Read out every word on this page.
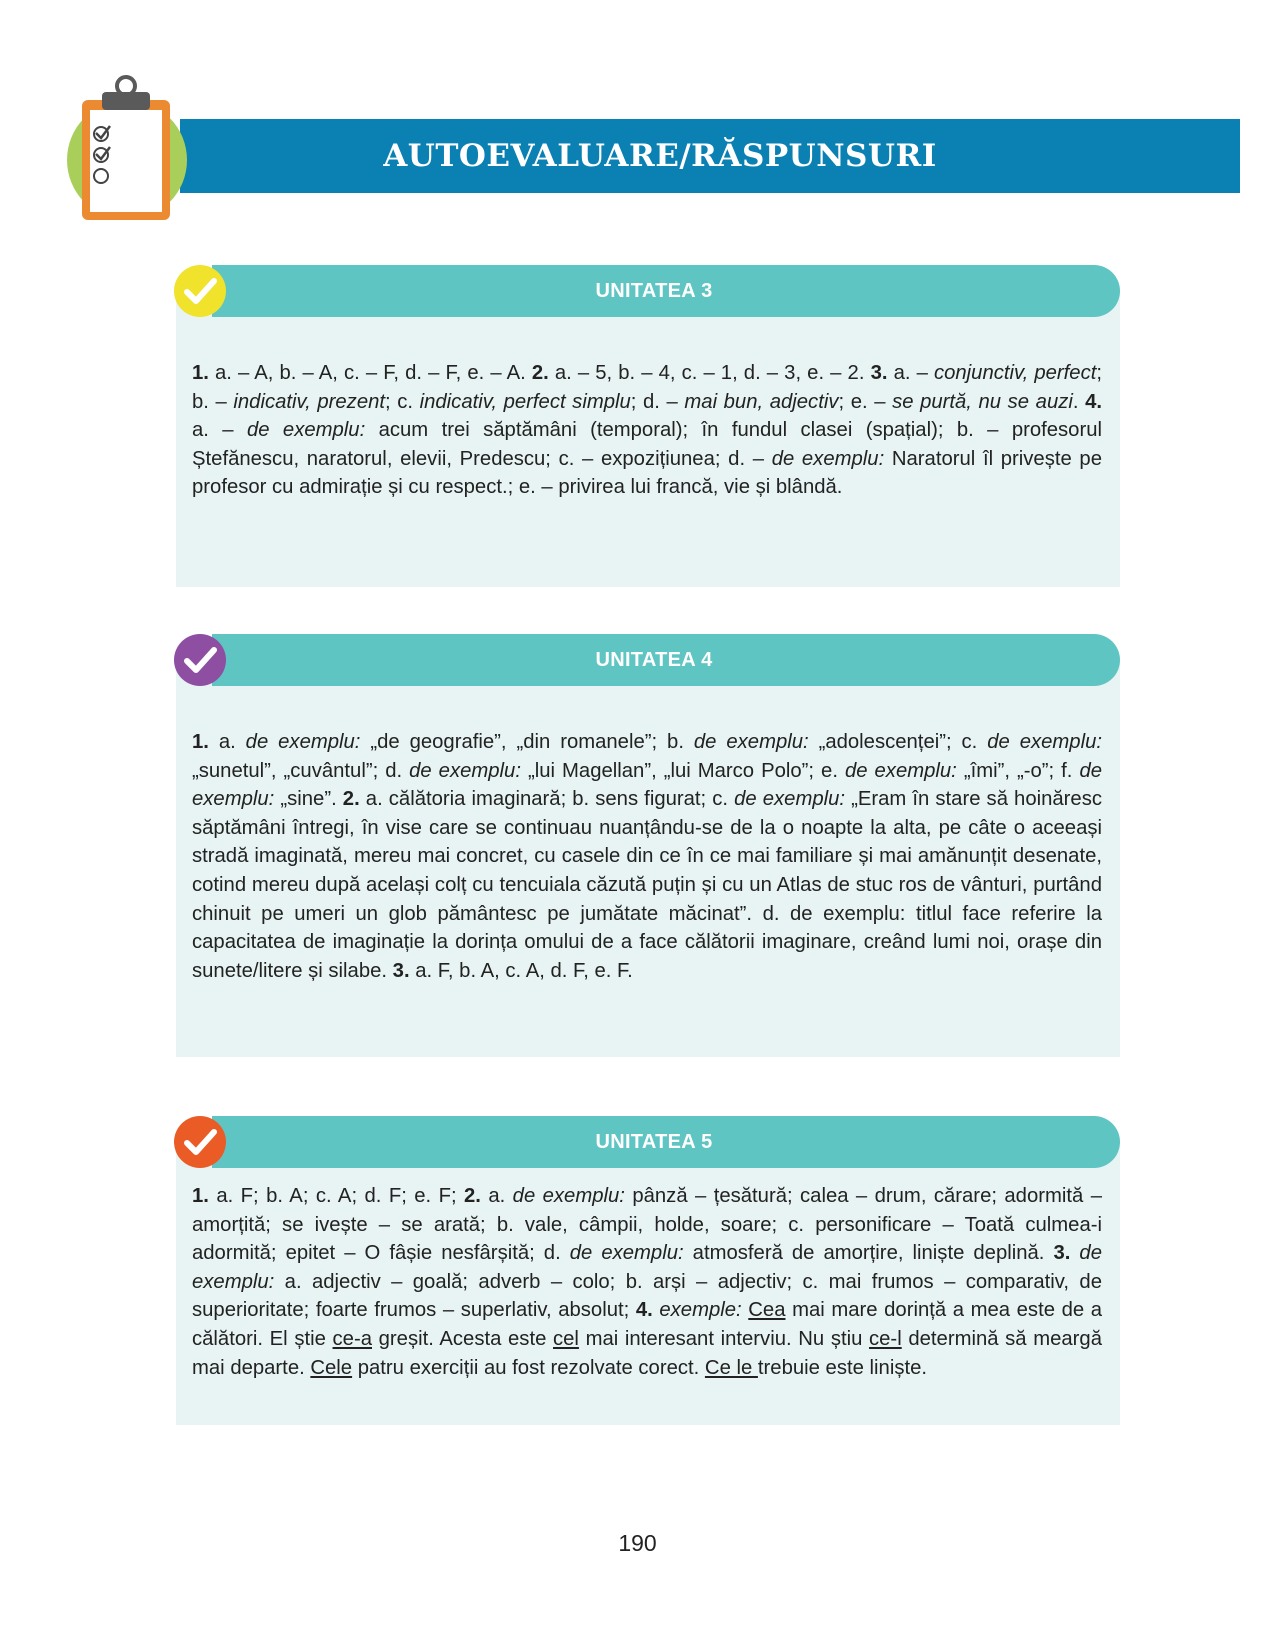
AUTOEVALUARE/RĂSPUNSURI
UNITATEA 3
1. a. – A, b. – A, c. – F, d. – F, e. – A. 2. a. – 5, b. – 4, c. – 1, d. – 3, e. – 2. 3. a. – conjunctiv, perfect; b. – indicativ, prezent; c. indicativ, perfect simplu; d. – mai bun, adjectiv; e. – se purtă, nu se auzi. 4. a. – de exemplu: acum trei săptămâni (temporal); în fundul clasei (spațial); b. – profesorul Ștefănescu, naratorul, elevii, Predescu; c. – expozițiunea; d. – de exemplu: Naratorul îl privește pe profesor cu admirație și cu respect.; e. – privirea lui francă, vie și blândă.
UNITATEA 4
1. a. de exemplu: „de geografie”, „din romanele”; b. de exemplu: „adolescenței”; c. de exemplu: „sunetul”, „cuvântul”; d. de exemplu: „lui Magellan”, „lui Marco Polo”; e. de exemplu: „îmi”, „-o”; f. de exemplu: „sine”. 2. a. călătoria imaginară; b. sens figurat; c. de exemplu: „Eram în stare să hoinăresc săptămâni întregi, în vise care se continuau nuanțându-se de la o noapte la alta, pe câte o aceeași stradă imaginată, mereu mai concret, cu casele din ce în ce mai familiare și mai amănunțit desenate, cotind mereu după același colț cu tencuiala căzută puțin și cu un Atlas de stuc ros de vânturi, purtând chinuit pe umeri un glob pământesc pe jumătate măcinat”. d. de exemplu: titlul face referire la capacitatea de imaginație la dorința omului de a face călătorii imaginare, creând lumi noi, orașe din sunete/litere și silabe. 3. a. F, b. A, c. A, d. F, e. F.
UNITATEA 5
1. a. F; b. A; c. A; d. F; e. F; 2. a. de exemplu: pânză – țesătură; calea – drum, cărare; adormită – amorțită; se ivește – se arată; b. vale, câmpii, holde, soare; c. personificare – Toată culmea-i adormită; epitet – O fâșie nesfârșită; d. de exemplu: atmosferă de amorțire, liniște deplină. 3. de exemplu: a. adjectiv – goală; adverb – colo; b. arși – adjectiv; c. mai frumos – comparativ, de superioritate; foarte frumos – superlativ, absolut; 4. exemple: Cea mai mare dorință a mea este de a călători. El știe ce-a greșit. Acesta este cel mai interesant interviu. Nu știu ce-l determină să meargă mai departe. Cele patru exerciții au fost rezolvate corect. Ce le trebuie este liniște.
190
